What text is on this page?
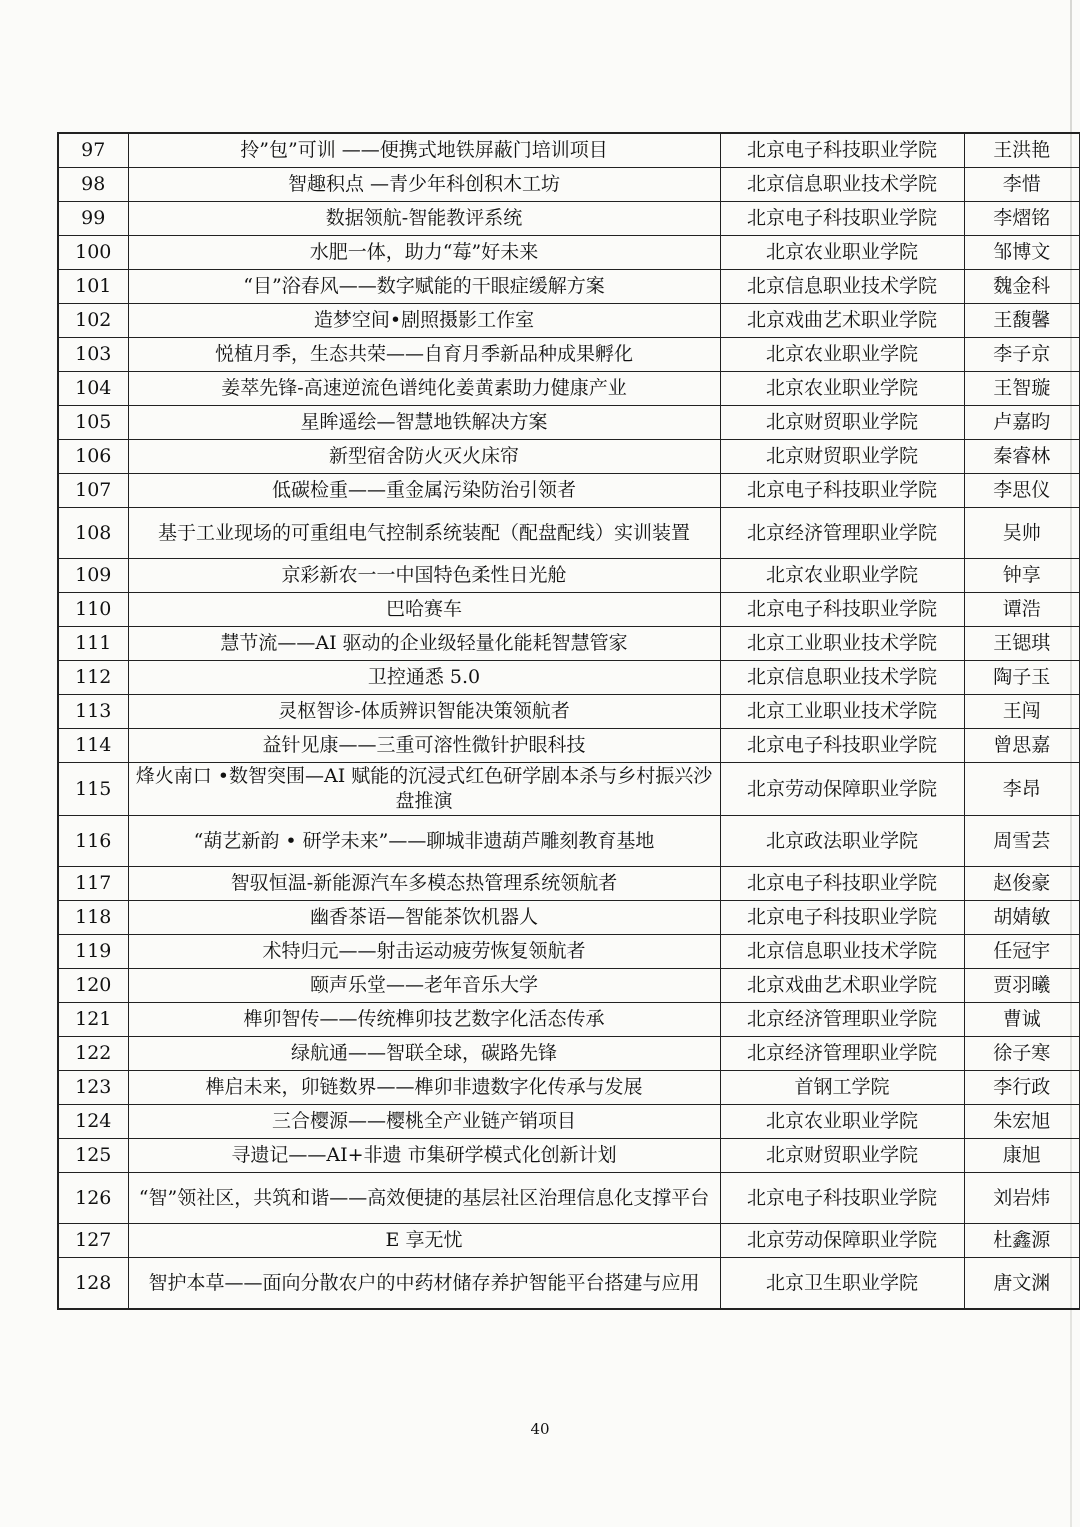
97	拎”包”可训 ——便携式地铁屏蔽门培训项目	北京电子科技职业学院	王洪艳
98	智趣积点 —青少年科创积木工坊	北京信息职业技术学院	李惜
99	数据领航-智能教评系统	北京电子科技职业学院	李熠铭
100	水肥一体，助力“莓”好未来	北京农业职业学院	邹博文
101	“目”浴春风——数字赋能的干眼症缓解方案	北京信息职业技术学院	魏金科
102	造梦空间•剧照摄影工作室	北京戏曲艺术职业学院	王馥馨
103	悦植月季，生态共荣——自育月季新品种成果孵化	北京农业职业学院	李子京
104	姜萃先锋-高速逆流色谱纯化姜黄素助力健康产业	北京农业职业学院	王智璇
105	星眸遥绘—智慧地铁解决方案	北京财贸职业学院	卢嘉昀
106	新型宿舍防火灭火床帘	北京财贸职业学院	秦睿林
107	低碳检重——重金属污染防治引领者	北京电子科技职业学院	李思仪
108	基于工业现场的可重组电气控制系统装配（配盘配线）实训装置	北京经济管理职业学院	吴帅
109	京彩新农一一中国特色柔性日光舱	北京农业职业学院	钟享
110	巴哈赛车	北京电子科技职业学院	谭浩
111	慧节流——AI 驱动的企业级轻量化能耗智慧管家	北京工业职业技术学院	王锶琪
112	卫控通悉 5.0	北京信息职业技术学院	陶子玉
113	灵枢智诊-体质辨识智能决策领航者	北京工业职业技术学院	王闯
114	益针见康——三重可溶性微针护眼科技	北京电子科技职业学院	曾思嘉
115	烽火南口 •数智突围—AI 赋能的沉浸式红色研学剧本杀与乡村振兴沙盘推演	北京劳动保障职业学院	李昂
116	“葫艺新韵 • 研学未来”——聊城非遗葫芦雕刻教育基地	北京政法职业学院	周雪芸
117	智驭恒温-新能源汽车多模态热管理系统领航者	北京电子科技职业学院	赵俊豪
118	幽香茶语—智能茶饮机器人	北京电子科技职业学院	胡婧敏
119	术特归元——射击运动疲劳恢复领航者	北京信息职业技术学院	任冠宇
120	颐声乐堂——老年音乐大学	北京戏曲艺术职业学院	贾羽曦
121	榫卯智传——传统榫卯技艺数字化活态传承	北京经济管理职业学院	曹诚
122	绿航通——智联全球，碳路先锋	北京经济管理职业学院	徐子寒
123	榫启未来，卯链数界——榫卯非遗数字化传承与发展	首钢工学院	李行政
124	三合樱源——樱桃全产业链产销项目	北京农业职业学院	朱宏旭
125	寻遗记——AI+非遗 市集研学模式化创新计划	北京财贸职业学院	康旭
126	“智”领社区，共筑和谐——高效便捷的基层社区治理信息化支撑平台	北京电子科技职业学院	刘岩炜
127	E 享无忧	北京劳动保障职业学院	杜鑫源
128	智护本草——面向分散农户的中药材储存养护智能平台搭建与应用	北京卫生职业学院	唐文渊
40
